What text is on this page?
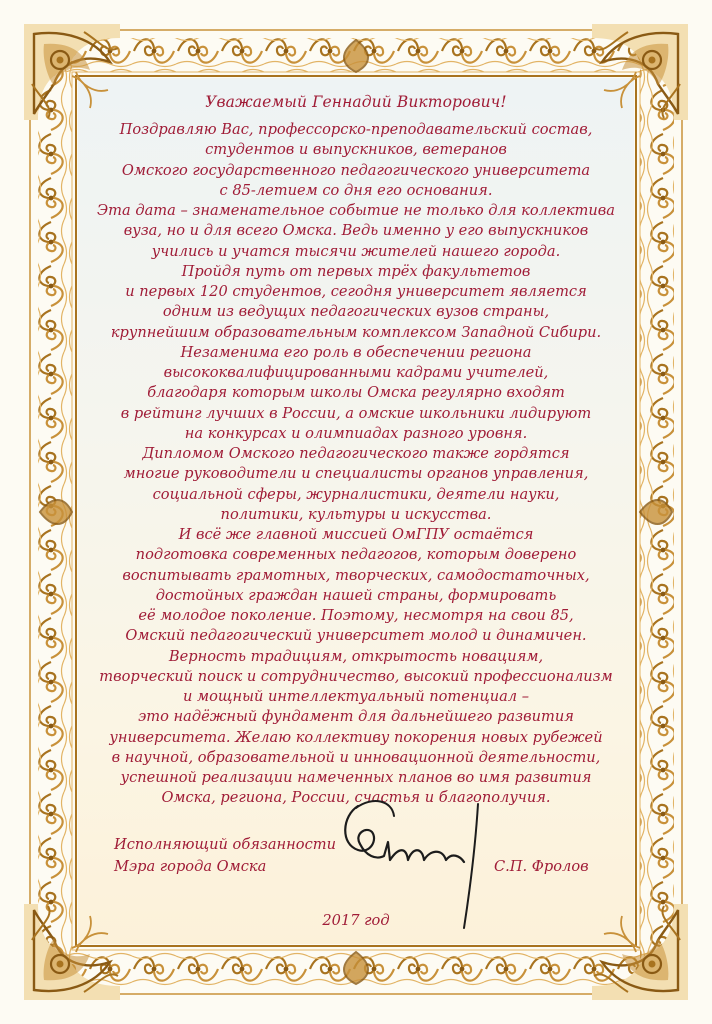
Уважаемый Геннадий Викторович!
Поздравляю Вас, профессорско-преподавательский состав,
студентов и выпускников, ветеранов
Омского государственного педагогического университета
с 85-летием со дня его основания.
Эта дата – знаменательное событие не только для коллектива
вуза, но и для всего Омска. Ведь именно у его выпускников
учились и учатся тысячи жителей нашего города.
Пройдя путь от первых трёх факультетов
и первых 120 студентов, сегодня университет является
одним из ведущих педагогических вузов страны,
крупнейшим образовательным комплексом Западной Сибири.
Незаменима его роль в обеспечении региона
высококвалифицированными кадрами учителей,
благодаря которым школы Омска регулярно входят
в рейтинг лучших в России, а омские школьники лидируют
на конкурсах и олимпиадах разного уровня.
Дипломом Омского педагогического также гордятся
многие руководители и специалисты органов управления,
социальной сферы, журналистики, деятели науки,
политики, культуры и искусства.
И всё же главной миссией ОмГПУ остаётся
подготовка современных педагогов, которым доверено
воспитывать грамотных, творческих, самодостаточных,
достойных граждан нашей страны, формировать
её молодое поколение. Поэтому, несмотря на свои 85,
Омский педагогический университет молод и динамичен.
Верность традициям, открытость новациям,
творческий поиск и сотрудничество, высокий профессионализм
и мощный интеллектуальный потенциал –
это надёжный фундамент для дальнейшего развития
университета. Желаю коллективу покорения новых рубежей
в научной, образовательной и инновационной деятельности,
успешной реализации намеченных планов во имя развития
Омска, региона, России, счастья и благополучия.
Исполняющий обязанности
Мэра города Омска	С.П. Фролов
2017 год
